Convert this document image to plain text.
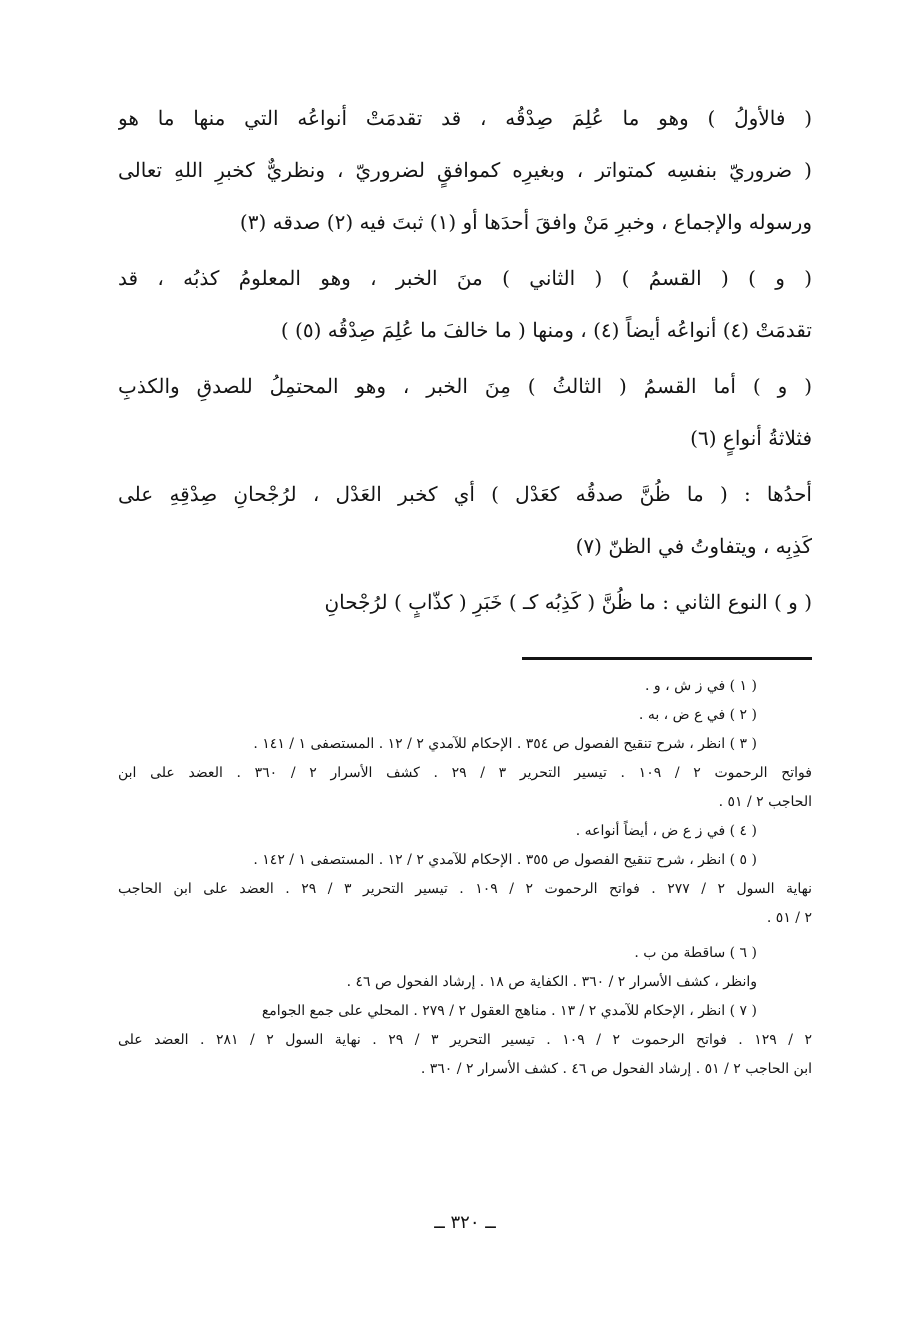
( فالأولُ ) وهو ما عُلِمَ صِدْقُه ، قد تقدمَتْ أنواعُه التي منها ما هو
( ضروريّ بنفسِه كمتواتر ، وبغيرِه كموافقٍ لضروريّ ، ونظريٌّ كخبرِ اللهِ تعالى
ورسوله والإجماع ، وخبرِ مَنْ وافقَ أحدَها أو (١) ثبتَ فيه (٢) صدقه (٣)
( و ) ( القسمُ ) ( الثاني ) منَ الخبر ، وهو المعلومُ كذبُه ، قد
تقدمَتْ (٤) أنواعُه أيضاً (٤) ، ومنها ( ما خالفَ ما عُلِمَ صِدْقُه (٥) )
( و ) أما القسمُ ( الثالثُ ) مِنَ الخبر ، وهو المحتمِلُ للصدقِ والكذبِ
فثلاثةُ أنواعٍ (٦)
أحدُها : ( ما ظُنَّ صدقُه كعَدْل ) أي كخبر العَدْل ، لرُجْحانِ صِدْقِهِ على
كَذِبِه ، ويتفاوتُ في الظنّ (٧)
( و ) النوع الثاني : ما ظُنَّ ( كَذِبُه كـ ) خَبَرِ ( كذّابٍ ) لرُجْحانِ
( ١ ) في ز ش ، و .
( ٢ ) في ع ض ، به .
( ٣ ) انظر ، شرح تنقيح الفصول ص ٣٥٤ . الإحكام للآمدي ٢ / ١٢ . المستصفى ١ / ١٤١ .
فواتح الرحموت ٢ / ١٠٩ . تيسير التحرير ٣ / ٢٩ . كشف الأسرار ٢ / ٣٦٠ . العضد على ابن
الحاجب ٢ / ٥١ .
( ٤ ) في ز ع ض ، أيضاً أنواعه .
( ٥ ) انظر ، شرح تنقيح الفصول ص ٣٥٥ . الإحكام للآمدي ٢ / ١٢ . المستصفى ١ / ١٤٢ .
نهاية السول ٢ / ٢٧٧ . فواتح الرحموت ٢ / ١٠٩ . تيسير التحرير ٣ / ٢٩ . العضد على ابن الحاجب
٢ / ٥١ .
( ٦ ) ساقطة من ب .
وانظر ، كشف الأسرار ٢ / ٣٦٠ . الكفاية ص ١٨ . إرشاد الفحول ص ٤٦ .
( ٧ ) انظر ، الإحكام للآمدي ٢ / ١٣ . مناهج العقول ٢ / ٢٧٩ . المحلي على جمع الجوامع
٢ / ١٢٩ . فواتح الرحموت ٢ / ١٠٩ . تيسير التحرير ٣ / ٢٩ . نهاية السول ٢ / ٢٨١ . العضد على
ابن الحاجب ٢ / ٥١ . إرشاد الفحول ص ٤٦ . كشف الأسرار ٢ / ٣٦٠ .
ــ ٣٢٠ ــ
